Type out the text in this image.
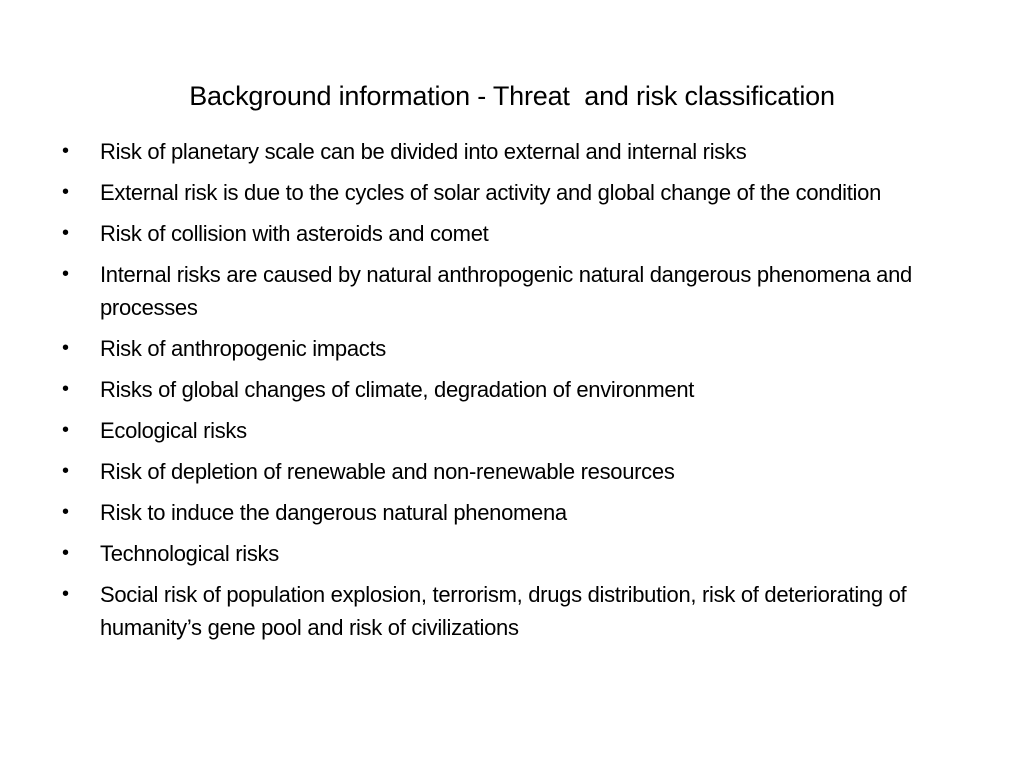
Background information - Threat  and risk classification
•	Risk of planetary scale can be divided into external and internal risks
•	External risk is due to the cycles of solar activity and global change of the condition
•	Risk of collision with asteroids and comet
•	Internal risks are caused by natural anthropogenic natural dangerous phenomena and processes
•	Risk of anthropogenic impacts
•	Risks of global changes of climate, degradation of environment
•	Ecological risks
•	Risk of depletion of renewable and non-renewable resources
•	Risk to induce the dangerous natural phenomena
•	Technological risks
•	Social risk of population explosion, terrorism, drugs distribution, risk of deteriorating of humanity’s gene pool and risk of civilizations
